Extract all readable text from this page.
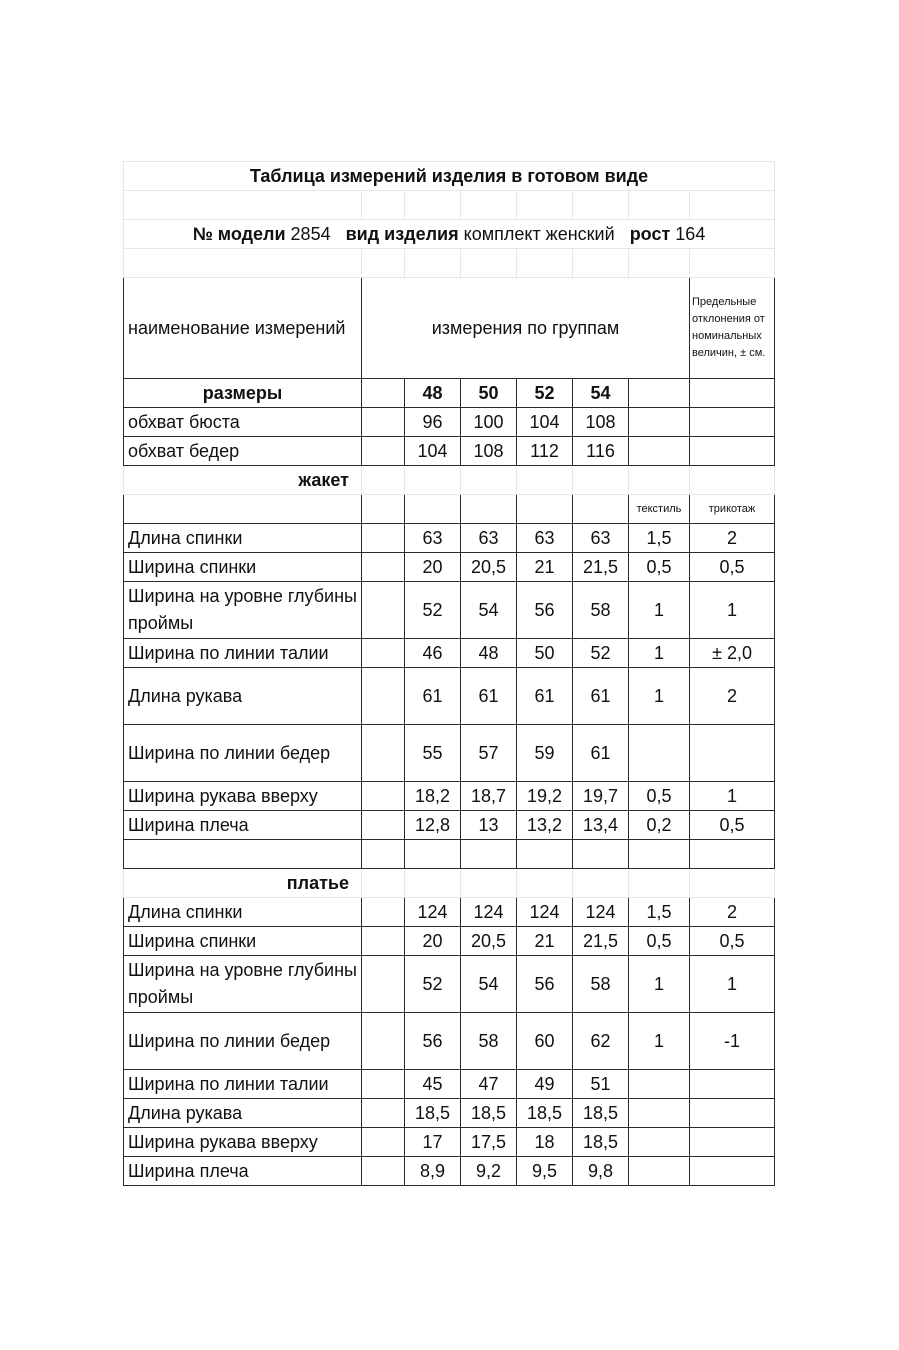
Таблица измерений изделия в готовом виде							

№ модели 2854 вид изделия комплект женский рост 164							

наименование измерений	измерения по группам						Предельные отклонения от номинальных величин, ± см.
размеры		48	50	52	54		
обхват бюста		96	100	104	108		
обхват бедер		104	108	112	116		
жакет							
						текстиль	трикотаж
Длина спинки		63	63	63	63	1,5	2
Ширина спинки		20	20,5	21	21,5	0,5	0,5
Ширина на уровне глубины проймы		52	54	56	58	1	1
Ширина по линии талии		46	48	50	52	1	± 2,0
Длина рукава		61	61	61	61	1	2
Ширина по линии бедер		55	57	59	61		
Ширина рукава вверху		18,2	18,7	19,2	19,7	0,5	1
Ширина плеча		12,8	13	13,2	13,4	0,2	0,5

платье							
Длина спинки		124	124	124	124	1,5	2
Ширина спинки		20	20,5	21	21,5	0,5	0,5
Ширина на уровне глубины проймы		52	54	56	58	1	1
Ширина по линии бедер		56	58	60	62	1	-1
Ширина по линии талии		45	47	49	51		
Длина рукава		18,5	18,5	18,5	18,5		
Ширина рукава вверху		17	17,5	18	18,5		
Ширина плеча		8,9	9,2	9,5	9,8		
